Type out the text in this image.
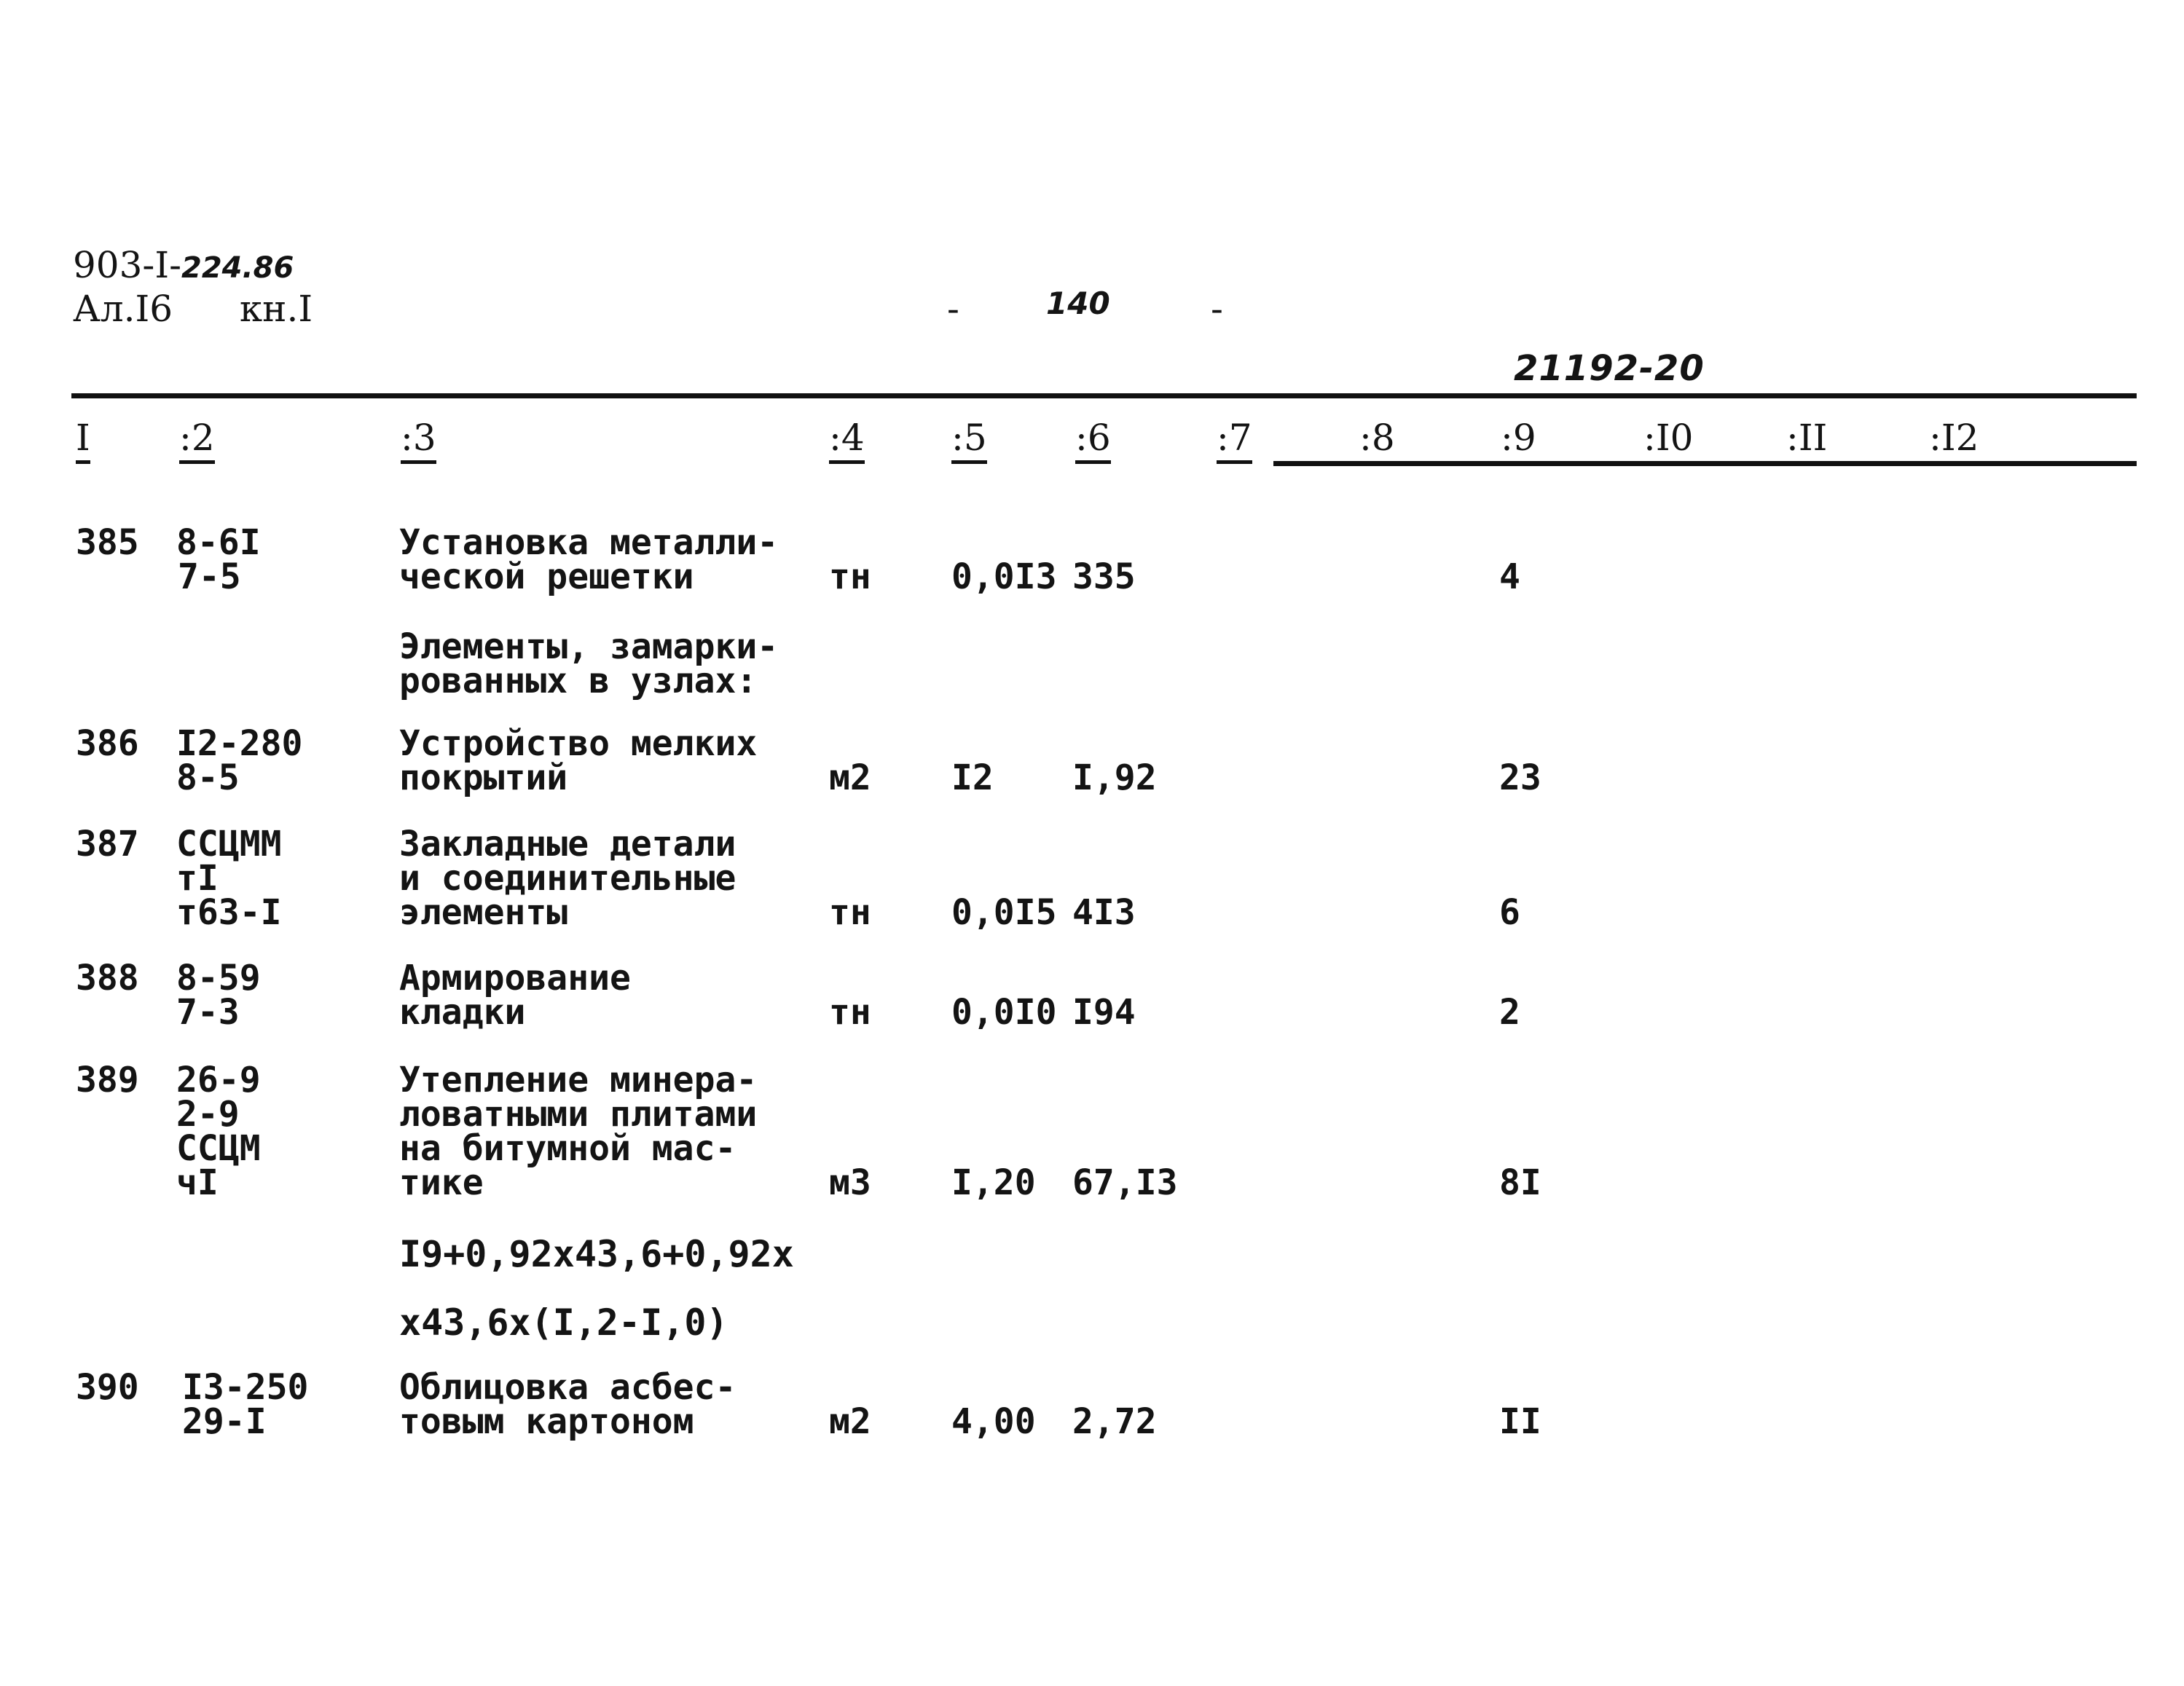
903-I-224.86
Ал.I6 кн.I	-	140	-
21192-20
I :2	:3	:4 :5 :6	:7	:8	:9	:I0	:II	:I2
385 8-6I
7-5
Установка металли-
ческой решетки	тн 0,0I3 335	4
Элементы, замарки-
рованных в узлах:
386 I2-280
8-5
Устройство мелких
покрытий	м2 I2 I,92	23
387 ССЦММ
тI
т63-I
Закладные детали
и соединительные
элементы	тн 0,0I5 4I3	6
388 8-59
7-3
Армирование
кладки	тн 0,0I0 I94	2
389 26-9
2-9
ССЦМ
чI
Утепление минера-
ловатными плитами
на битумной мас-
тике	м3 I,20 67,I3	8I
I9+0,92х43,6+0,92х
х43,6х(I,2-I,0)
390 I3-250
29-I
Облицовка асбес-
товым картоном	м2 4,00 2,72	II
